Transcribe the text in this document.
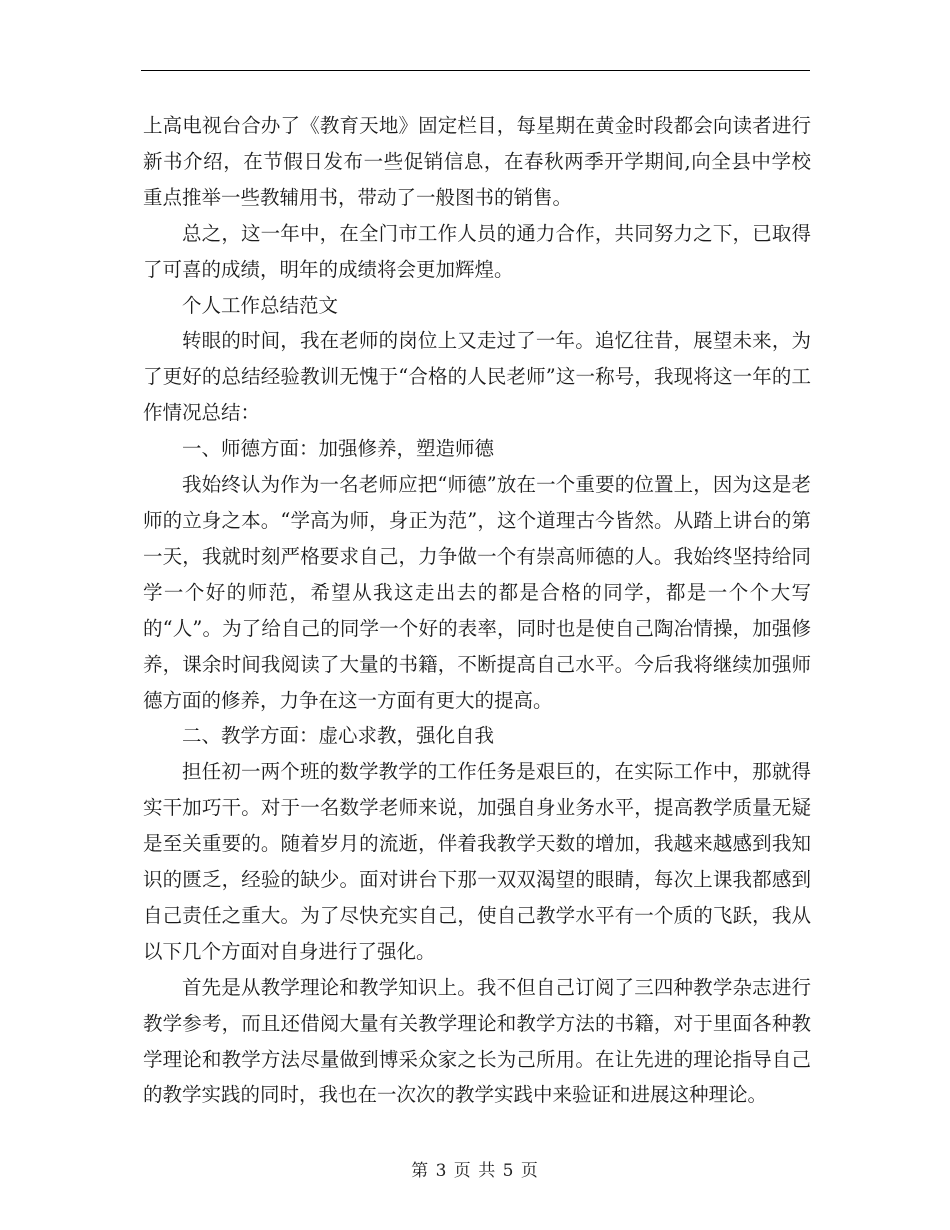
上高电视台合办了《教育天地》固定栏目，每星期在黄金时段都会向读者进行新书介绍，在节假日发布一些促销信息，在春秋两季开学期间,向全县中学校重点推举一些教辅用书，带动了一般图书的销售。

总之，这一年中，在全门市工作人员的通力合作，共同努力之下，已取得了可喜的成绩，明年的成绩将会更加辉煌。

个人工作总结范文

转眼的时间，我在老师的岗位上又走过了一年。追忆往昔，展望未来，为了更好的总结经验教训无愧于“合格的人民老师”这一称号，我现将这一年的工作情况总结：

一、师德方面：加强修养，塑造师德

我始终认为作为一名老师应把“师德”放在一个重要的位置上，因为这是老师的立身之本。“学高为师，身正为范”，这个道理古今皆然。从踏上讲台的第一天，我就时刻严格要求自己，力争做一个有崇高师德的人。我始终坚持给同学一个好的师范，希望从我这走出去的都是合格的同学，都是一个个大写的“人”。为了给自己的同学一个好的表率，同时也是使自己陶冶情操，加强修养，课余时间我阅读了大量的书籍，不断提高自己水平。今后我将继续加强师德方面的修养，力争在这一方面有更大的提高。

二、教学方面：虚心求教，强化自我

担任初一两个班的数学教学的工作任务是艰巨的，在实际工作中，那就得实干加巧干。对于一名数学老师来说，加强自身业务水平，提高教学质量无疑是至关重要的。随着岁月的流逝，伴着我教学天数的增加，我越来越感到我知识的匮乏，经验的缺少。面对讲台下那一双双渴望的眼睛，每次上课我都感到自己责任之重大。为了尽快充实自己，使自己教学水平有一个质的飞跃，我从以下几个方面对自身进行了强化。

首先是从教学理论和教学知识上。我不但自己订阅了三四种教学杂志进行教学参考，而且还借阅大量有关教学理论和教学方法的书籍，对于里面各种教学理论和教学方法尽量做到博采众家之长为己所用。在让先进的理论指导自己的教学实践的同时，我也在一次次的教学实践中来验证和进展这种理论。

第 3 页 共 5 页
